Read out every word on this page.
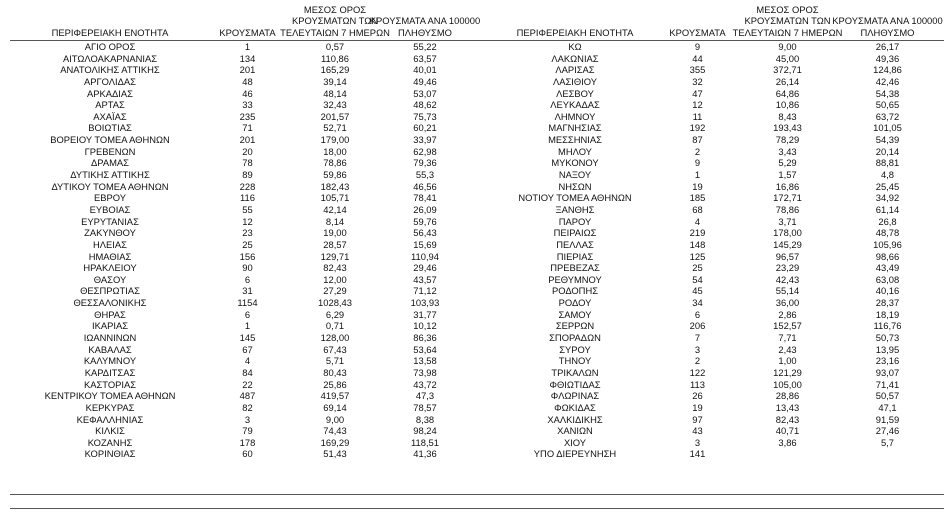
ΠΕΡΙΦΕΡΕΙΑΚΗ ΕΝΟΤΗΤΑ	ΚΡΟΥΣΜΑΤΑ
ΜΕΣΟΣ ΟΡΟΣ
ΚΡΟΥΣΜΑΤΩΝ ΤΩΝ
ΤΕΛΕΥΤΑΙΩΝ 7 ΗΜΕΡΩΝ
ΚΡΟΥΣΜΑΤΑ ΑΝΑ 100000
ΠΛΗΘΥΣΜΟ
ΑΓΙΟ ΟΡΟΣ	1	0,57	55,22
ΑΙΤΩΛΟΑΚΑΡΝΑΝΙΑΣ	134	110,86	63,57
ΑΝΑΤΟΛΙΚΗΣ ΑΤΤΙΚΗΣ	201	165,29	40,01
ΑΡΓΟΛΙΔΑΣ	48	39,14	49,46
ΑΡΚΑΔΙΑΣ	46	48,14	53,07
ΑΡΤΑΣ	33	32,43	48,62
ΑΧΑΪΑΣ	235	201,57	75,73
ΒΟΙΩΤΙΑΣ	71	52,71	60,21
ΒΟΡΕΙΟΥ ΤΟΜΕΑ ΑΘΗΝΩΝ	201	179,00	33,97
ΓΡΕΒΕΝΩΝ	20	18,00	62,98
ΔΡΑΜΑΣ	78	78,86	79,36
ΔΥΤΙΚΗΣ ΑΤΤΙΚΗΣ	89	59,86	55,3
ΔΥΤΙΚΟΥ ΤΟΜΕΑ ΑΘΗΝΩΝ	228	182,43	46,56
ΕΒΡΟΥ	116	105,71	78,41
ΕΥΒΟΙΑΣ	55	42,14	26,09
ΕΥΡΥΤΑΝΙΑΣ	12	8,14	59,76
ΖΑΚΥΝΘΟΥ	23	19,00	56,43
ΗΛΕΙΑΣ	25	28,57	15,69
ΗΜΑΘΙΑΣ	156	129,71	110,94
ΗΡΑΚΛΕΙΟΥ	90	82,43	29,46
ΘΑΣΟΥ	6	12,00	43,57
ΘΕΣΠΡΩΤΙΑΣ	31	27,29	71,12
ΘΕΣΣΑΛΟΝΙΚΗΣ	1154	1028,43	103,93
ΘΗΡΑΣ	6	6,29	31,77
ΙΚΑΡΙΑΣ	1	0,71	10,12
ΙΩΑΝΝΙΝΩΝ	145	128,00	86,36
ΚΑΒΑΛΑΣ	67	67,43	53,64
ΚΑΛΥΜΝΟΥ	4	5,71	13,58
ΚΑΡΔΙΤΣΑΣ	84	80,43	73,98
ΚΑΣΤΟΡΙΑΣ	22	25,86	43,72
ΚΕΝΤΡΙΚΟΥ ΤΟΜΕΑ ΑΘΗΝΩΝ	487	419,57	47,3
ΚΕΡΚΥΡΑΣ	82	69,14	78,57
ΚΕΦΑΛΛΗΝΙΑΣ	3	9,00	8,38
ΚΙΛΚΙΣ	79	74,43	98,24
ΚΟΖΑΝΗΣ	178	169,29	118,51
ΚΟΡΙΝΘΙΑΣ	60	51,43	41,36
ΠΕΡΙΦΕΡΕΙΑΚΗ ΕΝΟΤΗΤΑ	ΚΡΟΥΣΜΑΤΑ
ΜΕΣΟΣ ΟΡΟΣ
ΚΡΟΥΣΜΑΤΩΝ ΤΩΝ
ΤΕΛΕΥΤΑΙΩΝ 7 ΗΜΕΡΩΝ
ΚΡΟΥΣΜΑΤΑ ΑΝΑ 100000
ΠΛΗΘΥΣΜΟ
ΚΩ	9	9,00	26,17
ΛΑΚΩΝΙΑΣ	44	45,00	49,36
ΛΑΡΙΣΑΣ	355	372,71	124,86
ΛΑΣΙΘΙΟΥ	32	26,14	42,46
ΛΕΣΒΟΥ	47	64,86	54,38
ΛΕΥΚΑΔΑΣ	12	10,86	50,65
ΛΗΜΝΟΥ	11	8,43	63,72
ΜΑΓΝΗΣΙΑΣ	192	193,43	101,05
ΜΕΣΣΗΝΙΑΣ	87	78,29	54,39
ΜΗΛΟΥ	2	3,43	20,14
ΜΥΚΟΝΟΥ	9	5,29	88,81
ΝΑΞΟΥ	1	1,57	4,8
ΝΗΣΩΝ	19	16,86	25,45
ΝΟΤΙΟΥ ΤΟΜΕΑ ΑΘΗΝΩΝ	185	172,71	34,92
ΞΑΝΘΗΣ	68	78,86	61,14
ΠΑΡΟΥ	4	3,71	26,8
ΠΕΙΡΑΙΩΣ	219	178,00	48,78
ΠΕΛΛΑΣ	148	145,29	105,96
ΠΙΕΡΙΑΣ	125	96,57	98,66
ΠΡΕΒΕΖΑΣ	25	23,29	43,49
ΡΕΘΥΜΝΟΥ	54	42,43	63,08
ΡΟΔΟΠΗΣ	45	55,14	40,16
ΡΟΔΟΥ	34	36,00	28,37
ΣΑΜΟΥ	6	2,86	18,19
ΣΕΡΡΩΝ	206	152,57	116,76
ΣΠΟΡΑΔΩΝ	7	7,71	50,73
ΣΥΡΟΥ	3	2,43	13,95
ΤΗΝΟΥ	2	1,00	23,16
ΤΡΙΚΑΛΩΝ	122	121,29	93,07
ΦΘΙΩΤΙΔΑΣ	113	105,00	71,41
ΦΛΩΡΙΝΑΣ	26	28,86	50,57
ΦΩΚΙΔΑΣ	19	13,43	47,1
ΧΑΛΚΙΔΙΚΗΣ	97	82,43	91,59
ΧΑΝΙΩΝ	43	40,71	27,46
ΧΙΟΥ	3	3,86	5,7
ΥΠΟ ΔΙΕΡΕΥΝΗΣΗ	141
